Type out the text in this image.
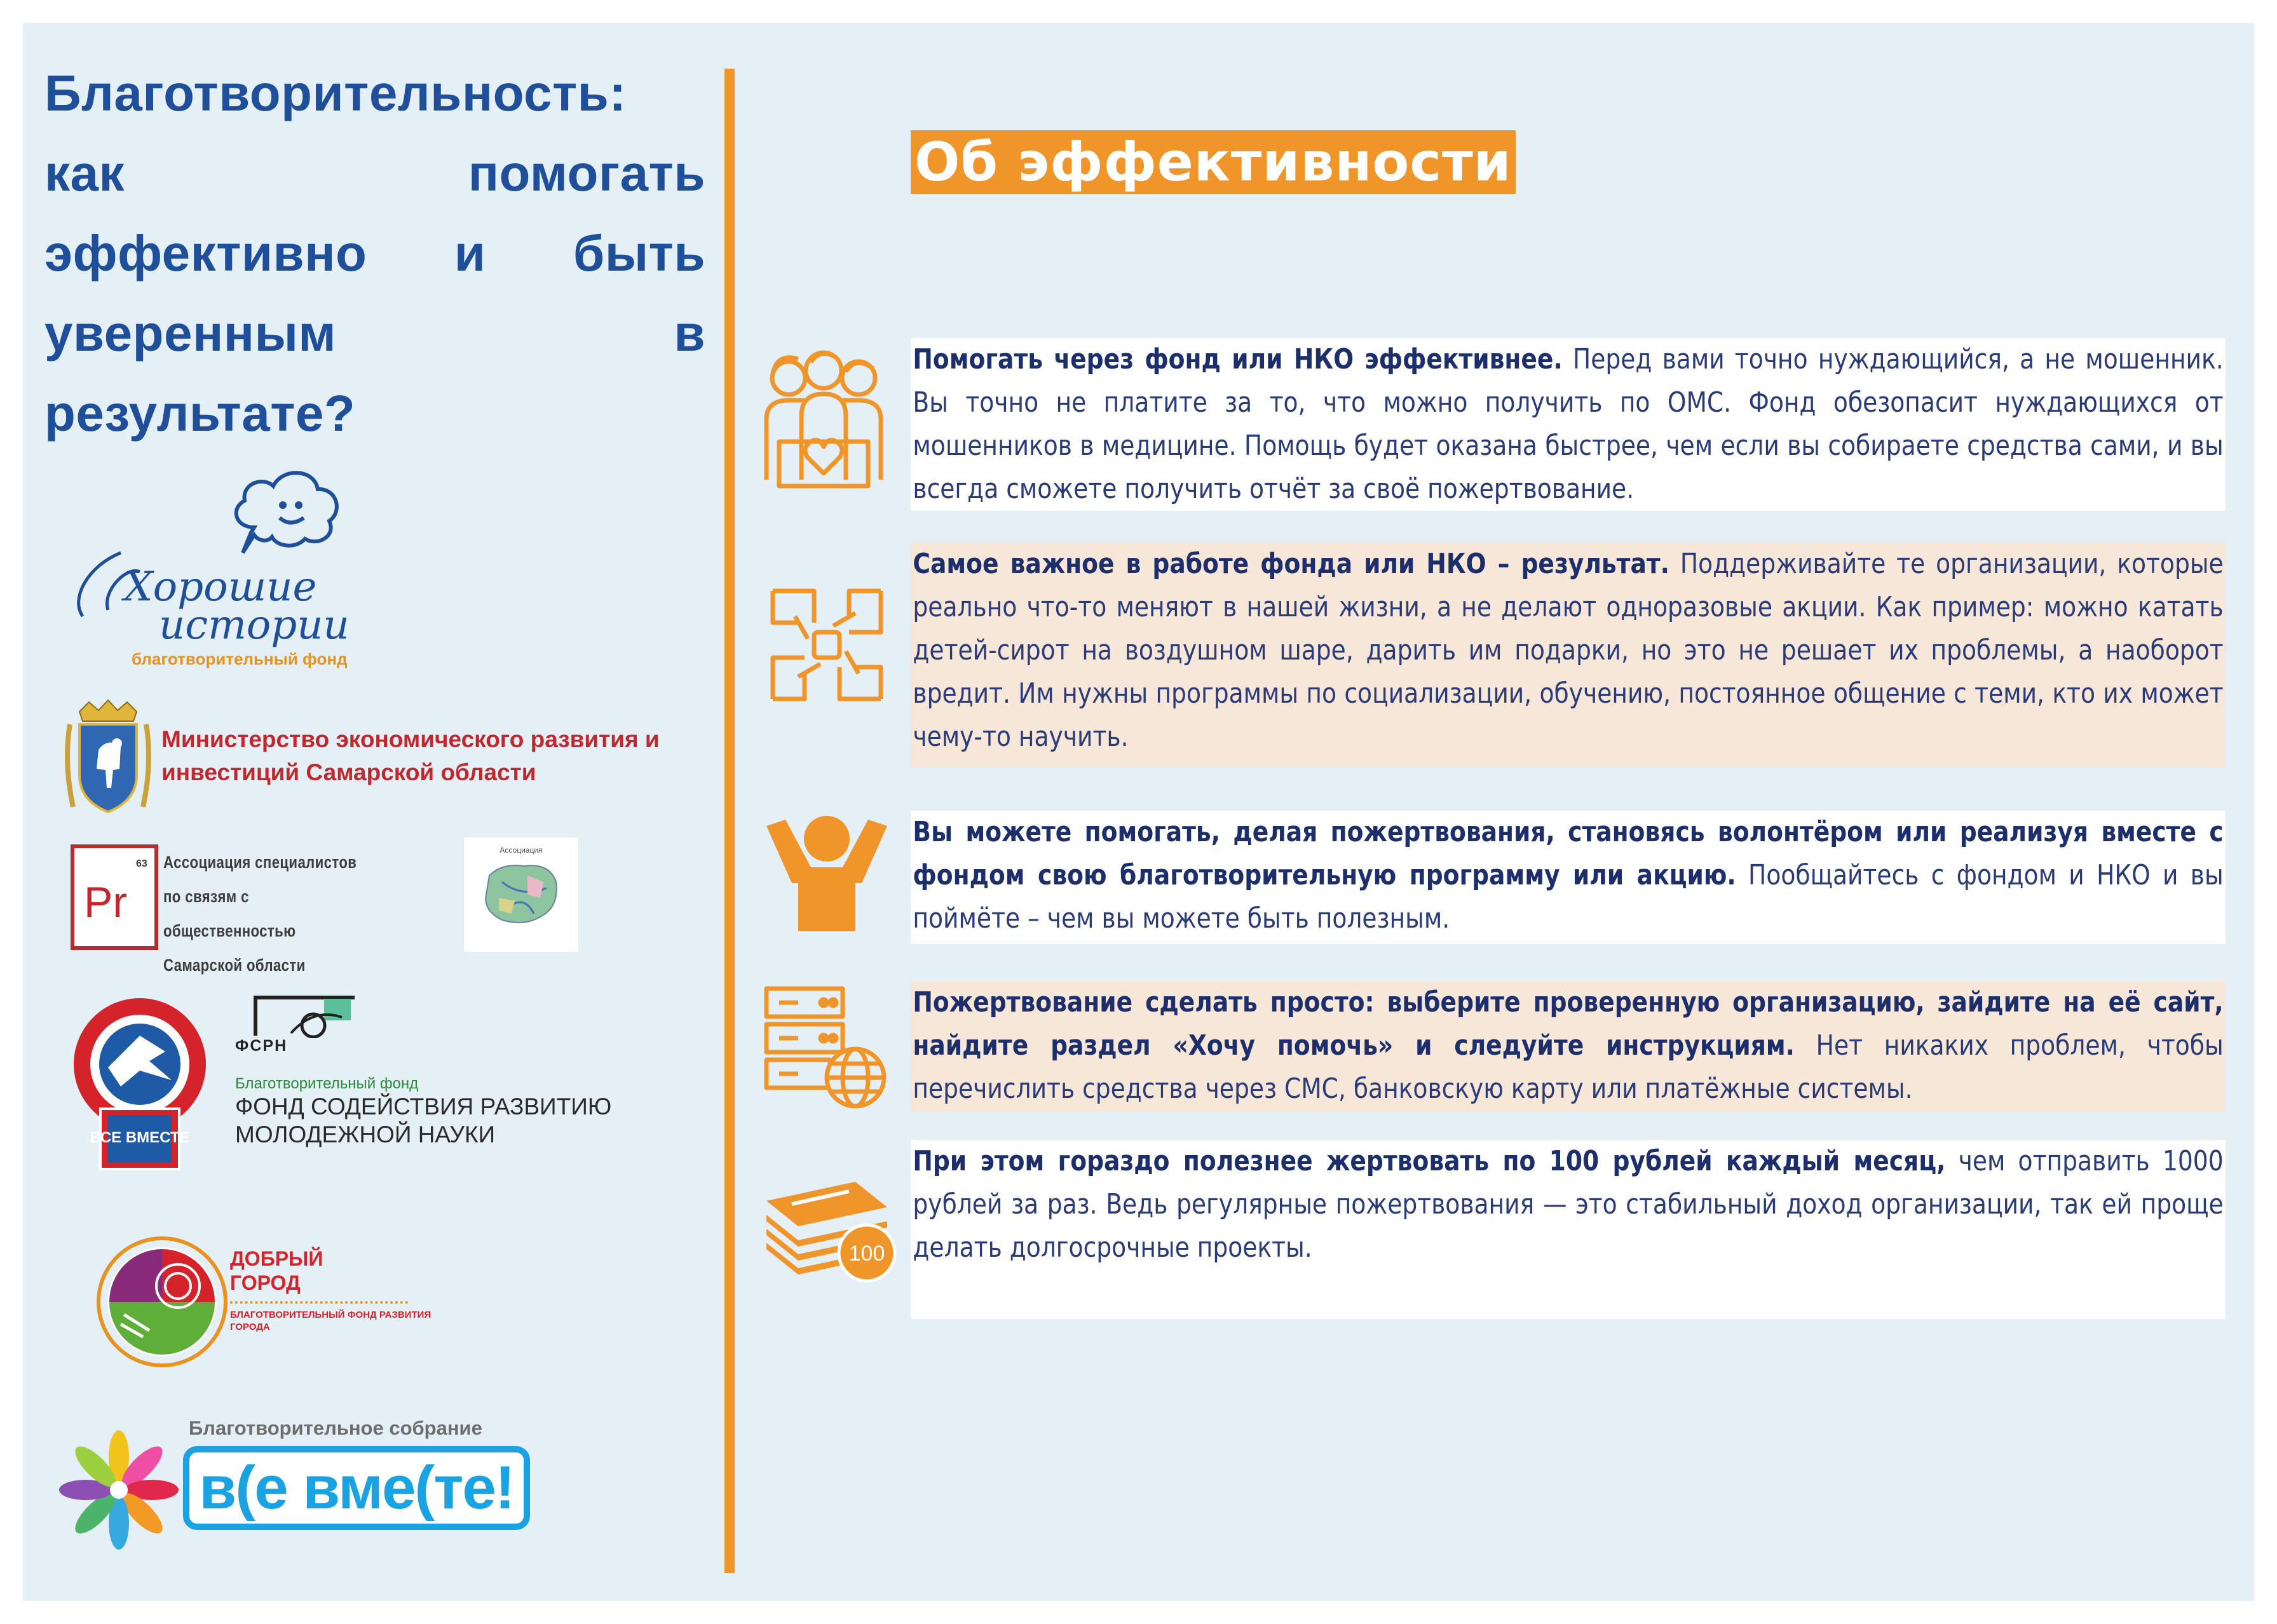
Благотворительность: как помогать эффективно и быть уверенным в результате?
Хорошие
истории
благотворительный фонд
Министерство экономического развития и инвестиций Самарской области
Pr
63 Ассоциация специалистов
по связям с общественностью
Самарской области
Ассоциация
ВСЕ ВМЕСТЕ
ФСРН
Благотворительный фонд
ФОНД СОДЕЙСТВИЯ РАЗВИТИЮ МОЛОДЕЖНОЙ НАУКИ
ДОБРЫЙ ГОРОД
БЛАГОТВОРИТЕЛЬНЫЙ ФОНД РАЗВИТИЯ ГОРОДА
Благотворительное собрание
в(е вме(те!
Об эффективности
Помогать через фонд или НКО эффективнее. Перед вами точно нуждающийся, а не мошенник. Вы точно не платите за то, что можно получить по ОМС. Фонд обезопасит нуждающихся от мошенников в медицине. Помощь будет оказана быстрее, чем если вы собираете средства сами, и вы всегда сможете получить отчёт за своё пожертвование.
Самое важное в работе фонда или НКО – результат. Поддерживайте те организации, которые реально что-то меняют в нашей жизни, а не делают одноразовые акции. Как пример: можно катать детей-сирот на воздушном шаре, дарить им подарки, но это не решает их проблемы, а наоборот вредит. Им нужны программы по социализации, обучению, постоянное общение с теми, кто их может чему-то научить.
Вы можете помогать, делая пожертвования, становясь волонтёром или реализуя вместе с фондом свою благотворительную программу или акцию. Пообщайтесь с фондом и НКО и вы поймёте – чем вы можете быть полезным.
Пожертвование сделать просто: выберите проверенную организацию, зайдите на её сайт, найдите раздел «Хочу помочь» и следуйте инструкциям. Нет никаких проблем, чтобы перечислить средства через СМС, банковскую карту или платёжные системы.
100
При этом гораздо полезнее жертвовать по 100 рублей каждый месяц, чем отправить 1000 рублей за раз. Ведь регулярные пожертвования — это стабильный доход организации, так ей проще делать долгосрочные проекты.
